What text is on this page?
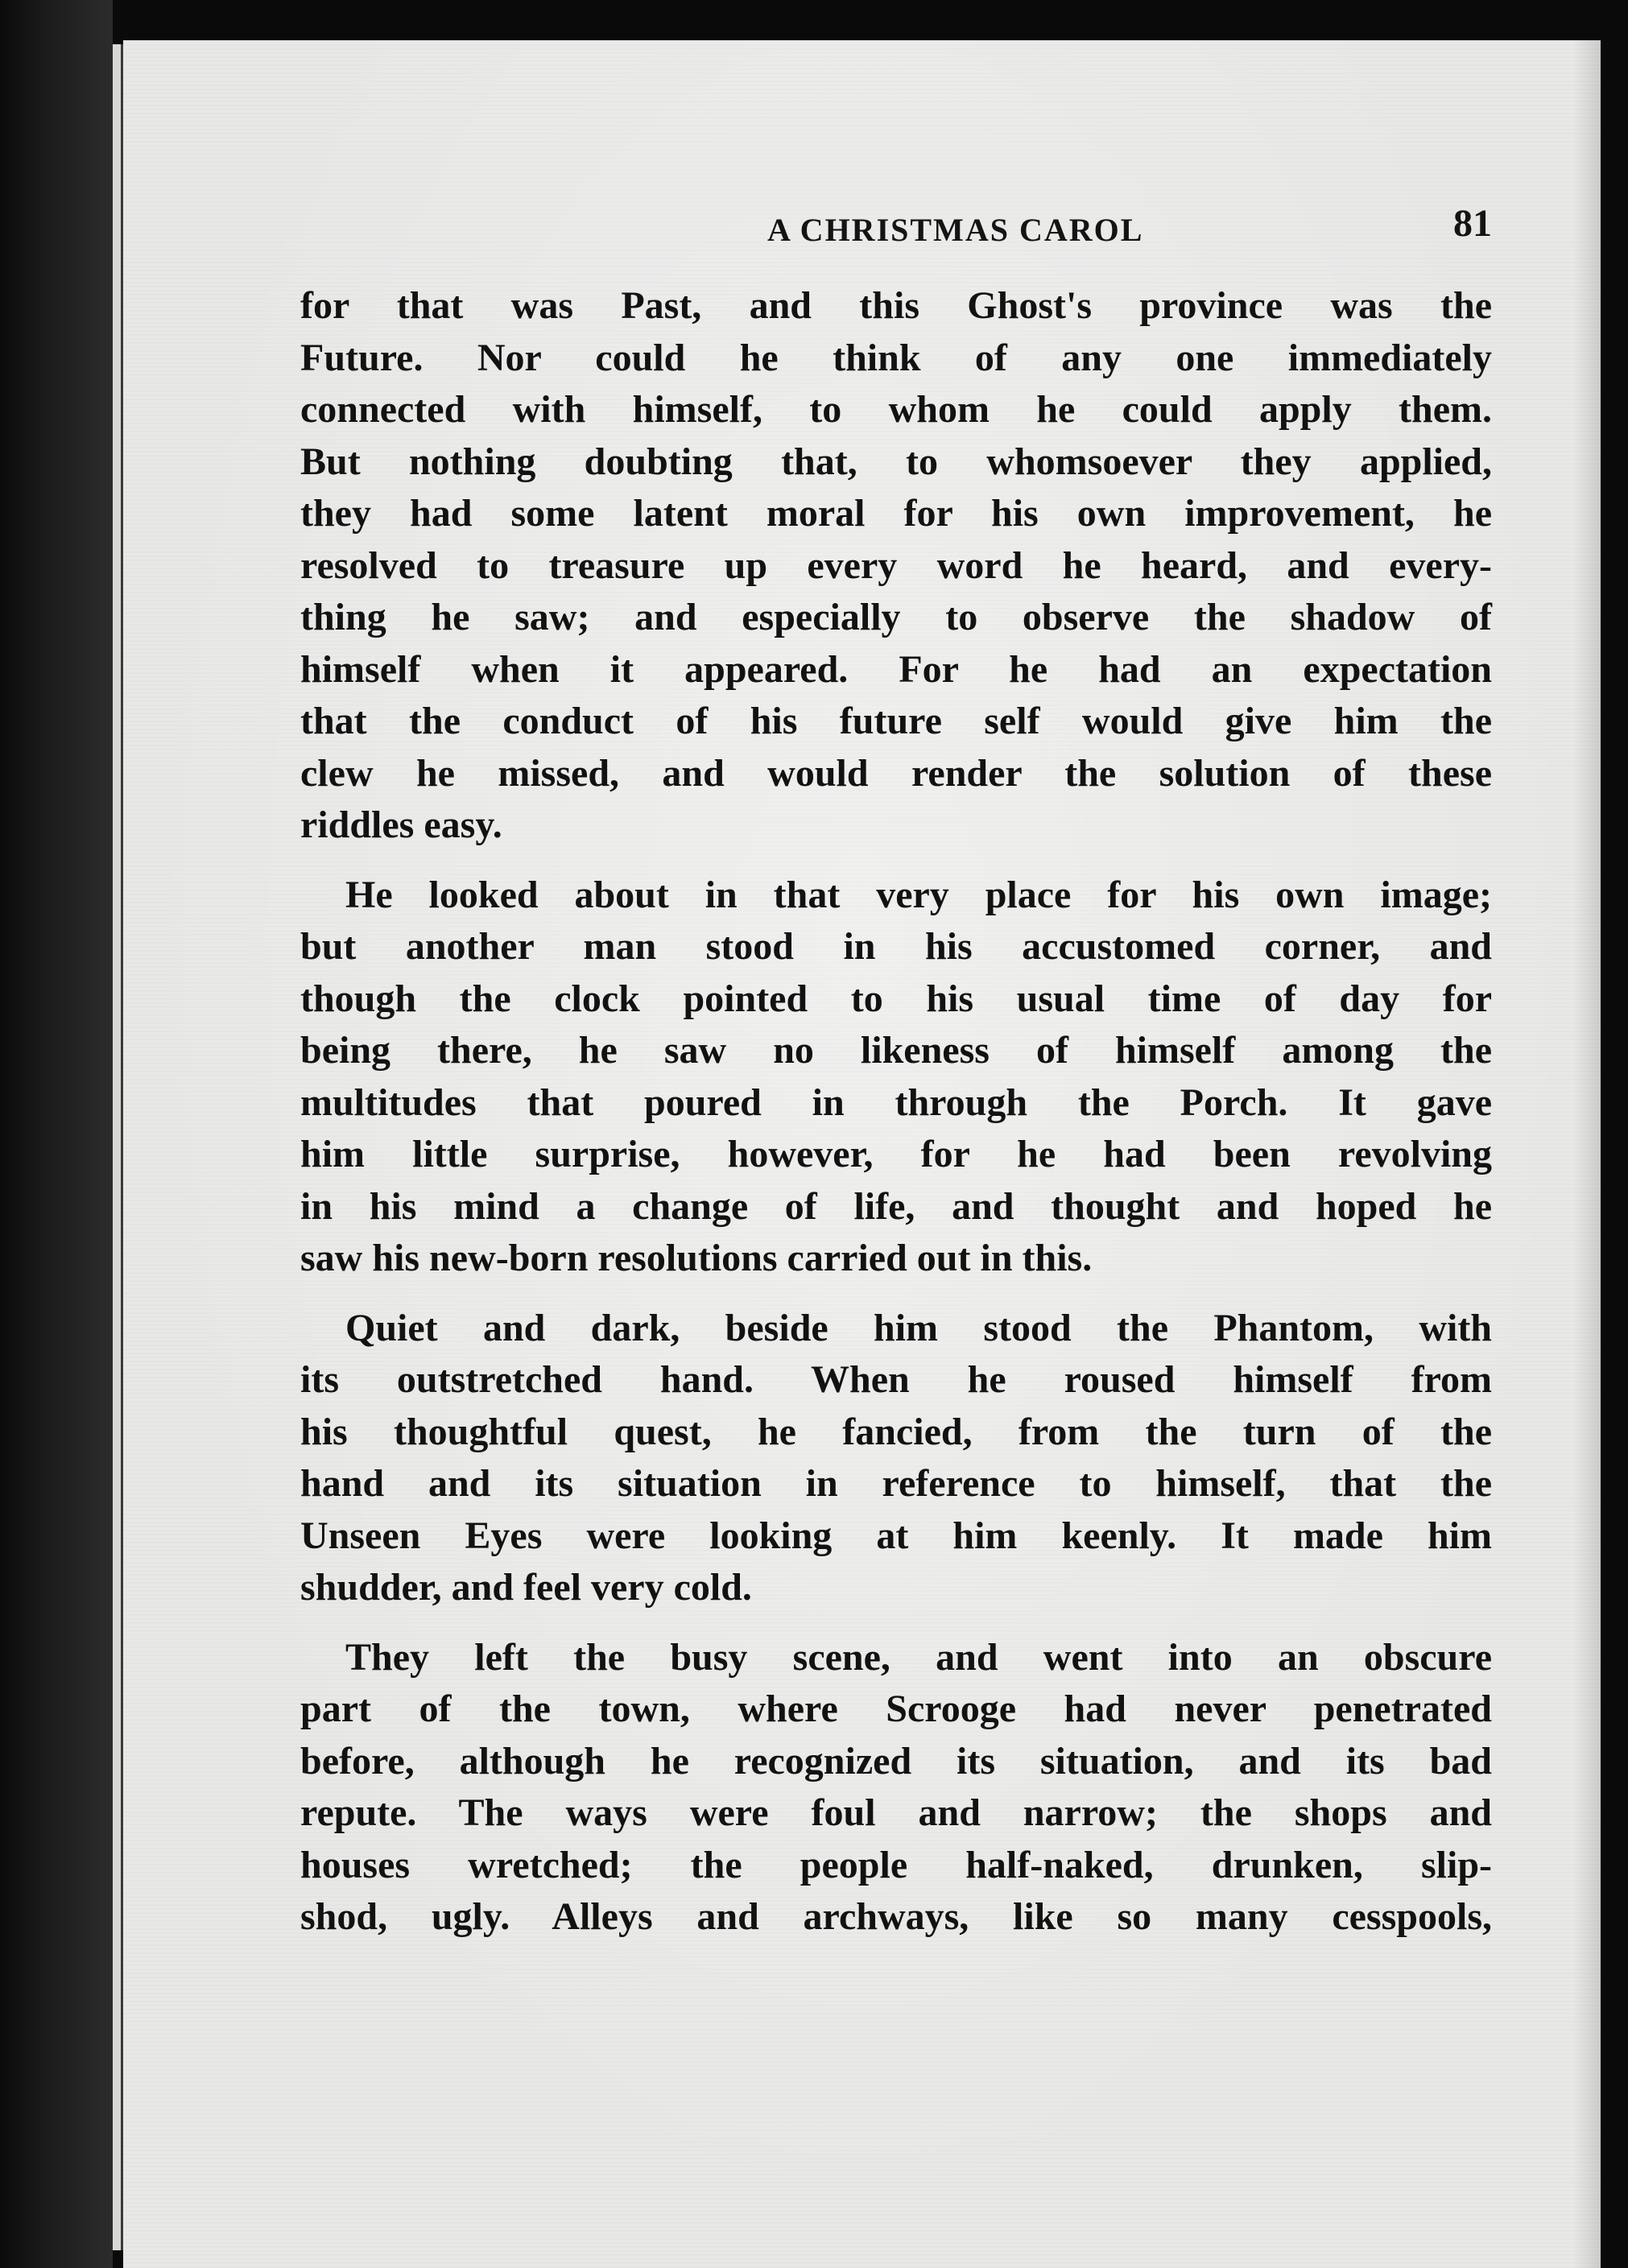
A CHRISTMAS CAROL	81

for that was Past, and this Ghost's province was the
Future. Nor could he think of any one immediately
connected with himself, to whom he could apply them.
But nothing doubting that, to whomsoever they applied,
they had some latent moral for his own improvement, he
resolved to treasure up every word he heard, and every-
thing he saw; and especially to observe the shadow of
himself when it appeared. For he had an expectation
that the conduct of his future self would give him the
clew he missed, and would render the solution of these
riddles easy.

He looked about in that very place for his own image;
but another man stood in his accustomed corner, and
though the clock pointed to his usual time of day for
being there, he saw no likeness of himself among the
multitudes that poured in through the Porch. It gave
him little surprise, however, for he had been revolving
in his mind a change of life, and thought and hoped he
saw his new-born resolutions carried out in this.

Quiet and dark, beside him stood the Phantom, with
its outstretched hand. When he roused himself from
his thoughtful quest, he fancied, from the turn of the
hand and its situation in reference to himself, that the
Unseen Eyes were looking at him keenly. It made him
shudder, and feel very cold.

They left the busy scene, and went into an obscure
part of the town, where Scrooge had never penetrated
before, although he recognized its situation, and its bad
repute. The ways were foul and narrow; the shops and
houses wretched; the people half-naked, drunken, slip-
shod, ugly. Alleys and archways, like so many cesspools,
